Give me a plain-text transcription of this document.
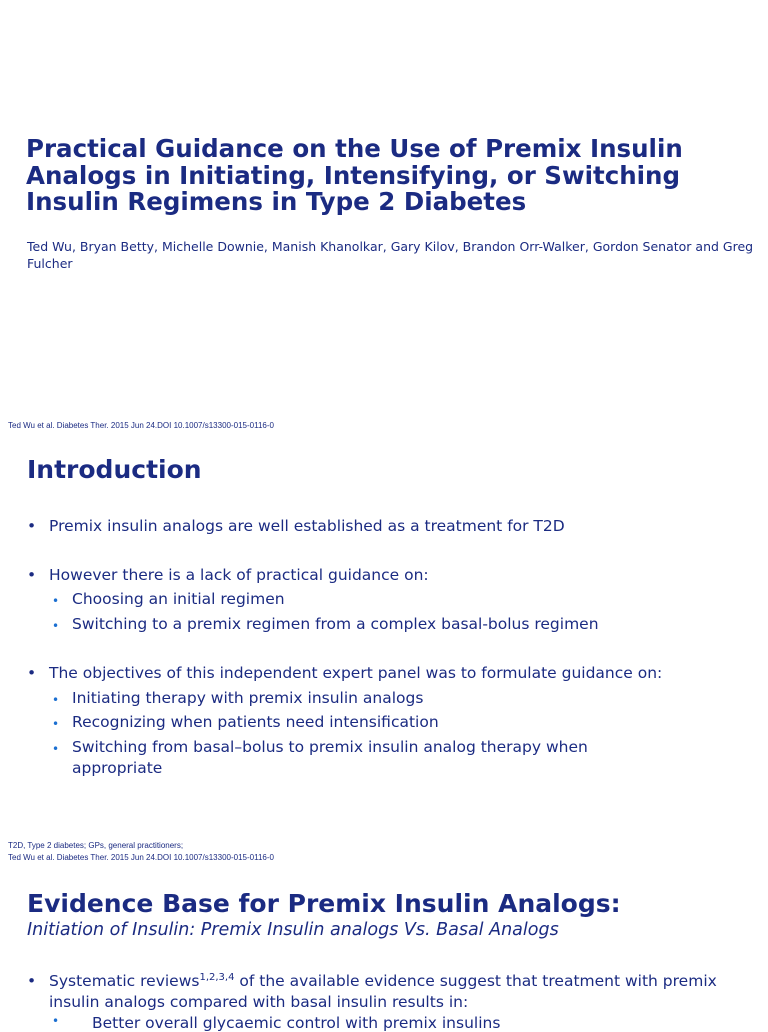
Practical Guidance on the Use of Premix Insulin Analogs in Initiating, Intensifying, or Switching Insulin Regimens in Type 2 Diabetes
Ted Wu, Bryan Betty, Michelle Downie, Manish Khanolkar, Gary Kilov, Brandon Orr-Walker, Gordon Senator and Greg Fulcher
Ted Wu et al. Diabetes Ther. 2015 Jun 24.DOI 10.1007/s13300-015-0116-0
Introduction
• Premix insulin analogs are well established as a treatment for T2D
• However there is a lack of practical guidance on:
• Choosing an initial regimen
• Switching to a premix regimen from a complex basal-bolus regimen
• The objectives of this independent expert panel was to formulate guidance on:
• Initiating therapy with premix insulin analogs
• Recognizing when patients need intensification
• Switching from basal–bolus to premix insulin analog therapy when appropriate
T2D, Type 2 diabetes; GPs, general practitioners;
Ted Wu et al. Diabetes Ther. 2015 Jun 24.DOI 10.1007/s13300-015-0116-0
Evidence Base for Premix Insulin Analogs:
Initiation of Insulin: Premix Insulin analogs Vs. Basal Analogs
• Systematic reviews$^{1,2,3,4}$ of the available evidence suggest that treatment with premix insulin analogs compared with basal insulin results in:
• Better overall glycaemic control with premix insulins
